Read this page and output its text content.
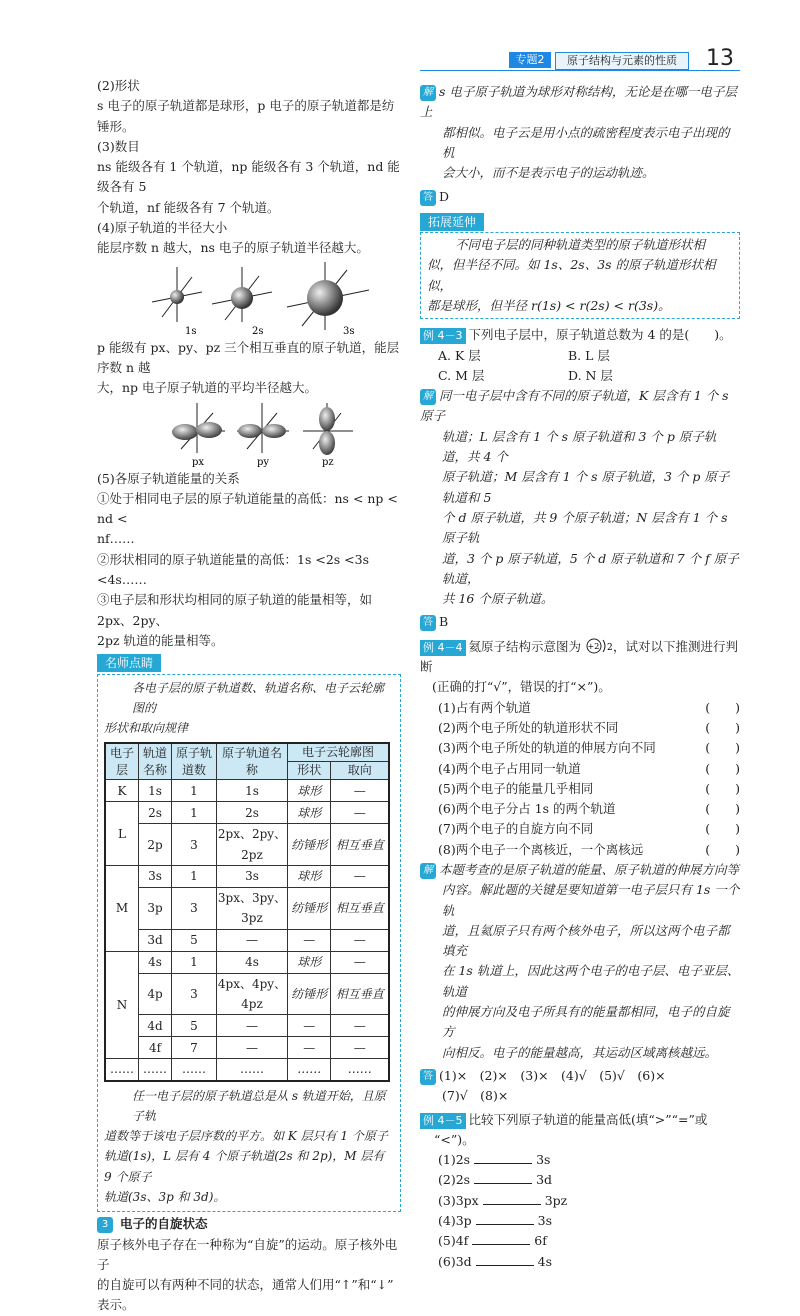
专题2	原子结构与元素的性质	13

(2)形状

s 电子的原子轨道都是球形，p 电子的原子轨道都是纺锤形。

(3)数目

ns 能级各有 1 个轨道，np 能级各有 3 个轨道，nd 能级各有 5

个轨道，nf 能级各有 7 个轨道。

(4)原子轨道的半径大小

能层序数 n 越大，ns 电子的原子轨道半径越大。

1s	2s	3s

p 能级有 px、py、pz 三个相互垂直的原子轨道，能层序数 n 越

大，np 电子原子轨道的平均半径越大。

px	py	pz

(5)各原子轨道能量的关系

①处于相同电子层的原子轨道能量的高低：ns < np < nd <

nf……

②形状相同的原子轨道能量的高低：1s <2s <3s <4s……

③电子层和形状均相同的原子轨道的能量相等，如 2px、2py、

2pz 轨道的能量相等。

名师点睛

各电子层的原子轨道数、轨道名称、电子云轮廓图的

形状和取向规律

电子层	轨道名称	原子轨道数	原子轨道名称	电子云轮廓图	
				形状	取向
K	1s	1	1s	球形	—
L	2s	1	2s	球形	—
	2p	3	2px、2py、2pz	纺锤形	相互垂直
M	3s	1	3s	球形	—
	3p	3	3px、3py、3pz	纺锤形	相互垂直
	3d	5	—	—	—
N	4s	1	4s	球形	—
	4p	3	4px、4py、4pz	纺锤形	相互垂直
	4d	5	—	—	—
	4f	7	—	—	—
……	……	……	……	……	……

任一电子层的原子轨道总是从 s 轨道开始，且原子轨

道数等于该电子层序数的平方。如 K 层只有 1 个原子

轨道(1s)，L 层有 4 个原子轨道(2s 和 2p)，M 层有 9 个原子

轨道(3s、3p 和 3d)。

3 电子的自旋状态

原子核外电子存在一种称为“自旋”的运动。原子核外电子

的自旋可以有两种不同的状态，通常人们用“↑”和“↓”

表示。

解 s 电子原子轨道为球形对称结构，无论是在哪一电子层上

都相似。电子云是用小点的疏密程度表示电子出现的机

会大小，而不是表示电子的运动轨迹。

答 D

拓展延伸

不同电子层的同种轨道类型的原子轨道形状相

似，但半径不同。如 1s、2s、3s 的原子轨道形状相似，

都是球形，但半径 r(1s) < r(2s) < r(3s)。

例 4－3 下列电子层中，原子轨道总数为 4 的是(　　)。

A. K 层	B. L 层

C. M 层	D. N 层

解 同一电子层中含有不同的原子轨道，K 层含有 1 个 s 原子

轨道；L 层含有 1 个 s 原子轨道和 3 个 p 原子轨道，共 4 个

原子轨道；M 层含有 1 个 s 原子轨道，3 个 p 原子轨道和 5

个 d 原子轨道，共 9 个原子轨道；N 层含有 1 个 s 原子轨

道，3 个 p 原子轨道，5 个 d 原子轨道和 7 个 f 原子轨道，

共 16 个原子轨道。

答 B

例 4－4 氦原子结构示意图为 +2 2 ，试对以下推测进行判断

(正确的打“√”，错误的打“×”)。

(1)占有两个轨道	(　　)

(2)两个电子所处的轨道形状不同	(　　)

(3)两个电子所处的轨道的伸展方向不同	(　　)

(4)两个电子占用同一轨道	(　　)

(5)两个电子的能量几乎相同	(　　)

(6)两个电子分占 1s 的两个轨道	(　　)

(7)两个电子的自旋方向不同	(　　)

(8)两个电子一个离核近，一个离核远	(　　)

解 本题考查的是原子轨道的能量、原子轨道的伸展方向等

内容。解此题的关键是要知道第一电子层只有 1s 一个轨

道，且氦原子只有两个核外电子，所以这两个电子都填充

在 1s 轨道上，因此这两个电子的电子层、电子亚层、轨道

的伸展方向及电子所具有的能量都相同，电子的自旋方

向相反。电子的能量越高，其运动区域离核越远。

答 (1)×　(2)×　(3)×　(4)√　(5)√　(6)×

(7)√　(8)×

例 4－5 比较下列原子轨道的能量高低(填“>”“=”或

“<”)。

(1)2s	3s

(2)2s	3d

(3)3px	3pz

(4)3p	3s

(5)4f	6f

(6)3d	4s
